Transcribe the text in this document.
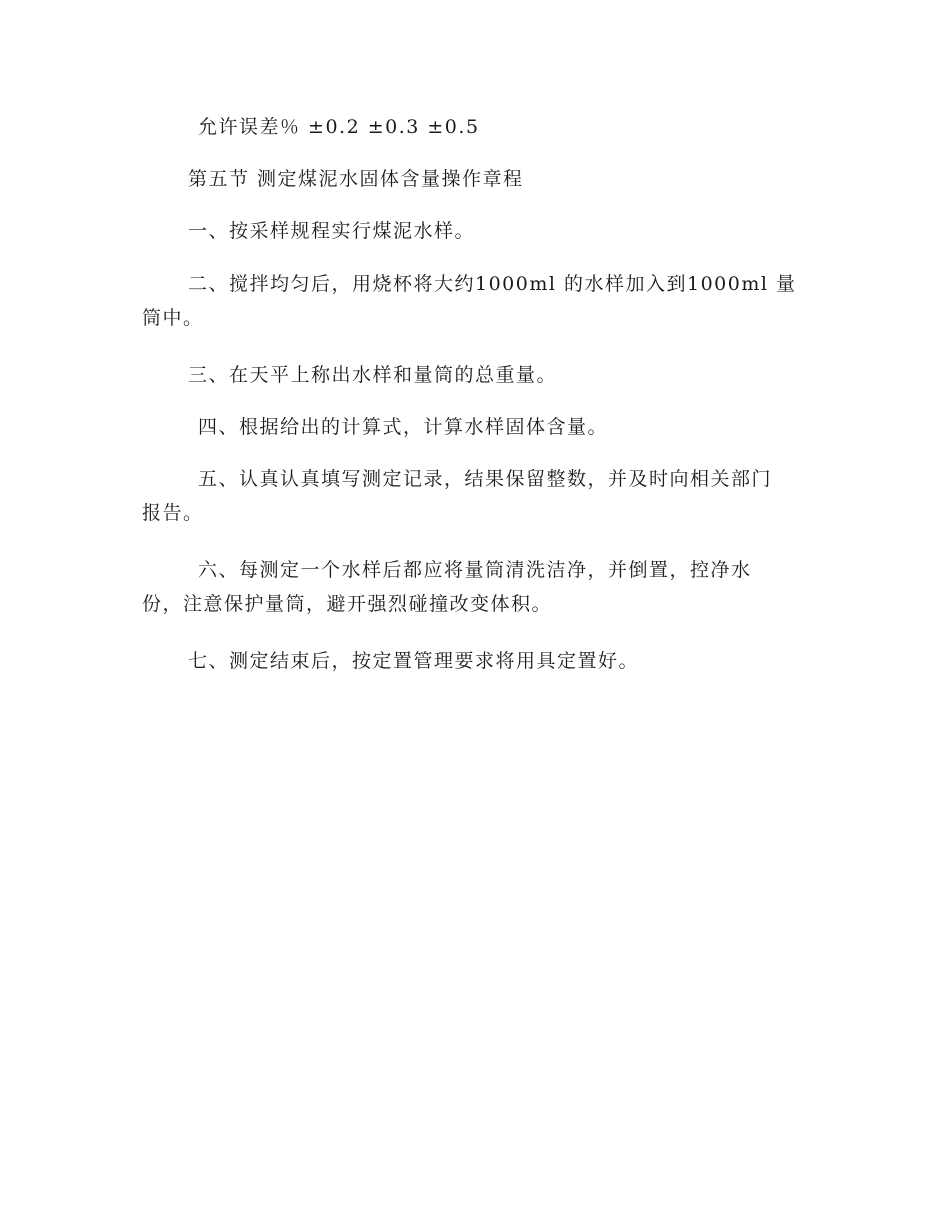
允许误差％ ±0.2 ±0.3 ±0.5
第五节 测定煤泥水固体含量操作章程
一、按采样规程实行煤泥水样。
二、搅拌均匀后，用烧杯将大约1000ml 的水样加入到1000ml 量
筒中。
三、在天平上称出水样和量筒的总重量。
四、根据给出的计算式，计算水样固体含量。
五、认真认真填写测定记录，结果保留整数，并及时向相关部门
报告。
六、每测定一个水样后都应将量筒清洗洁净，并倒置，控净水
份，注意保护量筒，避开强烈碰撞改变体积。
七、测定结束后，按定置管理要求将用具定置好。
